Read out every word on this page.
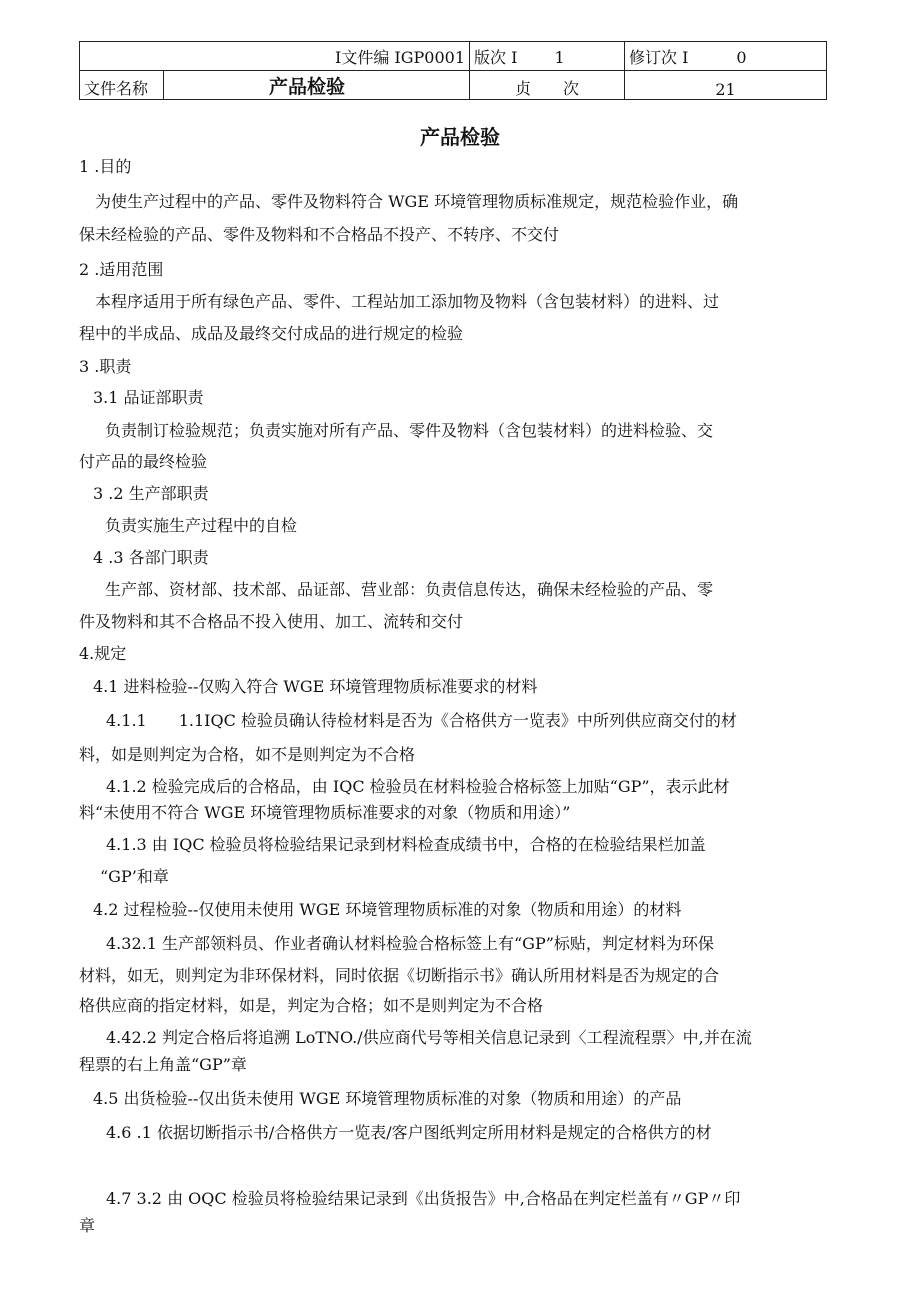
I文件编 IGP0001		版次 I　　 1	修订次 I　　　0
文件名称	产品检验	贞　　次	21
产品检验

1 .目的

为使生产过程中的产品、零件及物料符合 WGE 环境管理物质标准规定，规范检验作业，确

保未经检验的产品、零件及物料和不合格品不投产、不转序、不交付

2 .适用范围

本程序适用于所有绿色产品、零件、工程站加工添加物及物料（含包装材料）的进料、过

程中的半成品、成品及最终交付成品的进行规定的检验

3 .职责

3.1 品证部职责

负责制订检验规范；负责实施对所有产品、零件及物料（含包装材料）的进料检验、交

付产品的最终检验

3 .2 生产部职责

负责实施生产过程中的自检

4 .3 各部门职责

生产部、资材部、技术部、品证部、营业部：负责信息传达，确保未经检验的产品、零

件及物料和其不合格品不投入使用、加工、流转和交付

4.规定

4.1 进料检验--仅购入符合 WGE 环境管理物质标准要求的材料

4.1.1　　1.1IQC 检验员确认待检材料是否为《合格供方一览表》中所列供应商交付的材

料，如是则判定为合格，如不是则判定为不合格

4.1.2 检验完成后的合格品，由 IQC 检验员在材料检验合格标签上加贴“GP”，表示此材

料“未使用不符合 WGE 环境管理物质标准要求的对象（物质和用途）”

4.1.3 由 IQC 检验员将检验结果记录到材料检查成绩书中，合格的在检验结果栏加盖

“GP’和章

4.2 过程检验--仅使用未使用 WGE 环境管理物质标准的对象（物质和用途）的材料

4.32.1 生产部领料员、作业者确认材料检验合格标签上有“GP”标贴，判定材料为环保

材料，如无，则判定为非环保材料，同时依据《切断指示书》确认所用材料是否为规定的合

格供应商的指定材料，如是，判定为合格；如不是则判定为不合格

4.42.2 判定合格后将追溯 LoTNO./供应商代号等相关信息记录到〈工程流程票〉中,并在流

程票的右上角盖“GP”章

4.5 出货检验--仅出货未使用 WGE 环境管理物质标准的对象（物质和用途）的产品

4.6 .1 依据切断指示书/合格供方一览表/客户图纸判定所用材料是规定的合格供方的材

4.7 3.2 由 OQC 检验员将检验结果记录到《出货报告》中,合格品在判定栏盖有〃GP〃印

章
